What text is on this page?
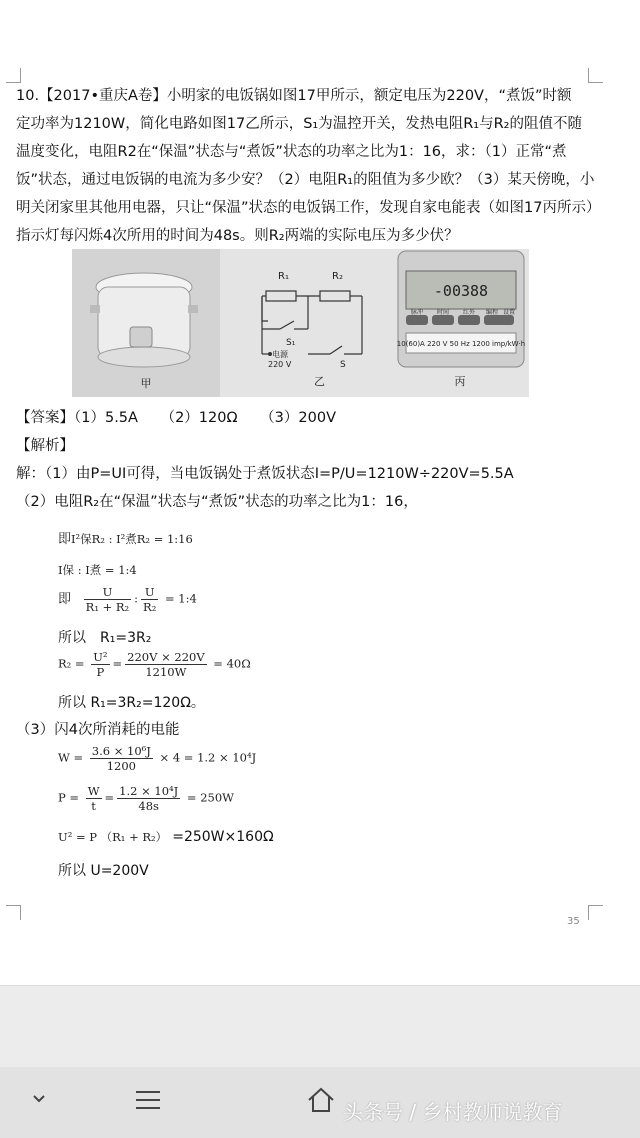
10.【2017•重庆A卷】小明家的电饭锅如图17甲所示，额定电压为220V，“煮饭”时额

定功率为1210W，简化电路如图17乙所示，S₁为温控开关，发热电阻R₁与R₂的阻值不随

温度变化，电阻R2在“保温”状态与“煮饭”状态的功率之比为1：16，求：（1）正常“煮

饭”状态，通过电饭锅的电流为多少安？（2）电阻R₁的阻值为多少欧？（3）某天傍晚，小

明关闭家里其他用电器，只让“保温”状态的电饭锅工作，发现自家电能表（如图17丙所示）

指示灯每闪烁4次所用的时间为48s。则R₂两端的实际电压为多少伏？

甲
R₁	R₂
S₁
S
电源
220 V
乙
-00388
脉冲 时间 红外 编程 设置
10(60)A 220 V 50 Hz 1200 imp/kW·h
丙
【答案】（1）5.5A （2）120Ω （3）200V
【解析】
解：（1）由P=UI可得，当电饭锅处于煮饭状态I=P/U=1210W÷220V=5.5A
（2）电阻R₂在“保温”状态与“煮饭”状态的功率之比为1：16，
即I²保R₂ : I²煮R₂ = 1:16
I保 : I煮 = 1:4
即 $\frac{U}{\text{R₁ + R₂}}$ : $\frac{U}{\text{R₂}}$ = 1:4
所以　R₁=3R₂
$R_2 = \frac{\text{U²}}{P} = \frac{220V \times 220V}{1210W} = 40\Omega$
所以 R₁=3R₂=120Ω。
（3）闪4次所消耗的电能
$W = \frac{\text{3.6 × 10⁶J}}{1200} \times 4 = 1.2 \times 10^4J$
$P = \frac{W}{t} = \frac{\text{1.2 × 10⁴J}}{48s} = 250W$
U² = P （R₁ + R₂） =250W×160Ω
所以 U=200V
35
头条号 / 乡村教师说教育
